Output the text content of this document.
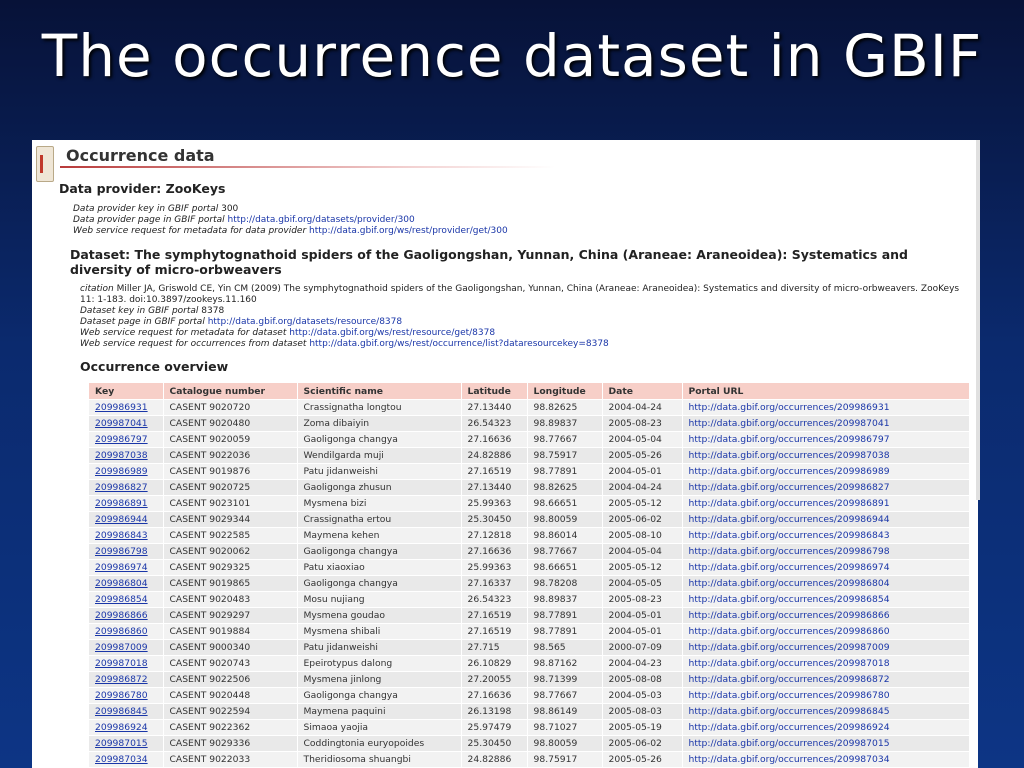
The occurrence dataset in GBIF
Occurrence data
Data provider: ZooKeys
Data provider key in GBIF portal 300
Data provider page in GBIF portal http://data.gbif.org/datasets/provider/300
Web service request for metadata for data provider http://data.gbif.org/ws/rest/provider/get/300
Dataset: The symphytognathoid spiders of the Gaoligongshan, Yunnan, China (Araneae: Araneoidea): Systematics and diversity of micro-orbweavers
citation Miller JA, Griswold CE, Yin CM (2009) The symphytognathoid spiders of the Gaoligongshan, Yunnan, China (Araneae: Araneoidea): Systematics and diversity of micro-orbweavers. ZooKeys 11: 1-183. doi:10.3897/zookeys.11.160
Dataset key in GBIF portal 8378
Dataset page in GBIF portal http://data.gbif.org/datasets/resource/8378
Web service request for metadata for dataset http://data.gbif.org/ws/rest/resource/get/8378
Web service request for occurrences from dataset http://data.gbif.org/ws/rest/occurrence/list?dataresourcekey=8378
Occurrence overview
Key	Catalogue number	Scientific name	Latitude	Longitude	Date	Portal URL
209986931	CASENT 9020720	Crassignatha longtou	27.13440	98.82625	2004-04-24	http://data.gbif.org/occurrences/209986931
209987041	CASENT 9020480	Zoma dibaiyin	26.54323	98.89837	2005-08-23	http://data.gbif.org/occurrences/209987041
209986797	CASENT 9020059	Gaoligonga changya	27.16636	98.77667	2004-05-04	http://data.gbif.org/occurrences/209986797
209987038	CASENT 9022036	Wendilgarda muji	24.82886	98.75917	2005-05-26	http://data.gbif.org/occurrences/209987038
209986989	CASENT 9019876	Patu jidanweishi	27.16519	98.77891	2004-05-01	http://data.gbif.org/occurrences/209986989
209986827	CASENT 9020725	Gaoligonga zhusun	27.13440	98.82625	2004-04-24	http://data.gbif.org/occurrences/209986827
209986891	CASENT 9023101	Mysmena bizi	25.99363	98.66651	2005-05-12	http://data.gbif.org/occurrences/209986891
209986944	CASENT 9029344	Crassignatha ertou	25.30450	98.80059	2005-06-02	http://data.gbif.org/occurrences/209986944
209986843	CASENT 9022585	Maymena kehen	27.12818	98.86014	2005-08-10	http://data.gbif.org/occurrences/209986843
209986798	CASENT 9020062	Gaoligonga changya	27.16636	98.77667	2004-05-04	http://data.gbif.org/occurrences/209986798
209986974	CASENT 9029325	Patu xiaoxiao	25.99363	98.66651	2005-05-12	http://data.gbif.org/occurrences/209986974
209986804	CASENT 9019865	Gaoligonga changya	27.16337	98.78208	2004-05-05	http://data.gbif.org/occurrences/209986804
209986854	CASENT 9020483	Mosu nujiang	26.54323	98.89837	2005-08-23	http://data.gbif.org/occurrences/209986854
209986866	CASENT 9029297	Mysmena goudao	27.16519	98.77891	2004-05-01	http://data.gbif.org/occurrences/209986866
209986860	CASENT 9019884	Mysmena shibali	27.16519	98.77891	2004-05-01	http://data.gbif.org/occurrences/209986860
209987009	CASENT 9000340	Patu jidanweishi	27.715	98.565	2000-07-09	http://data.gbif.org/occurrences/209987009
209987018	CASENT 9020743	Epeirotypus dalong	26.10829	98.87162	2004-04-23	http://data.gbif.org/occurrences/209987018
209986872	CASENT 9022506	Mysmena jinlong	27.20055	98.71399	2005-08-08	http://data.gbif.org/occurrences/209986872
209986780	CASENT 9020448	Gaoligonga changya	27.16636	98.77667	2004-05-03	http://data.gbif.org/occurrences/209986780
209986845	CASENT 9022594	Maymena paquini	26.13198	98.86149	2005-08-03	http://data.gbif.org/occurrences/209986845
209986924	CASENT 9022362	Simaoa yaojia	25.97479	98.71027	2005-05-19	http://data.gbif.org/occurrences/209986924
209987015	CASENT 9029336	Coddingtonia euryopoides	25.30450	98.80059	2005-06-02	http://data.gbif.org/occurrences/209987015
209987034	CASENT 9022033	Theridiosoma shuangbi	24.82886	98.75917	2005-05-26	http://data.gbif.org/occurrences/209987034
